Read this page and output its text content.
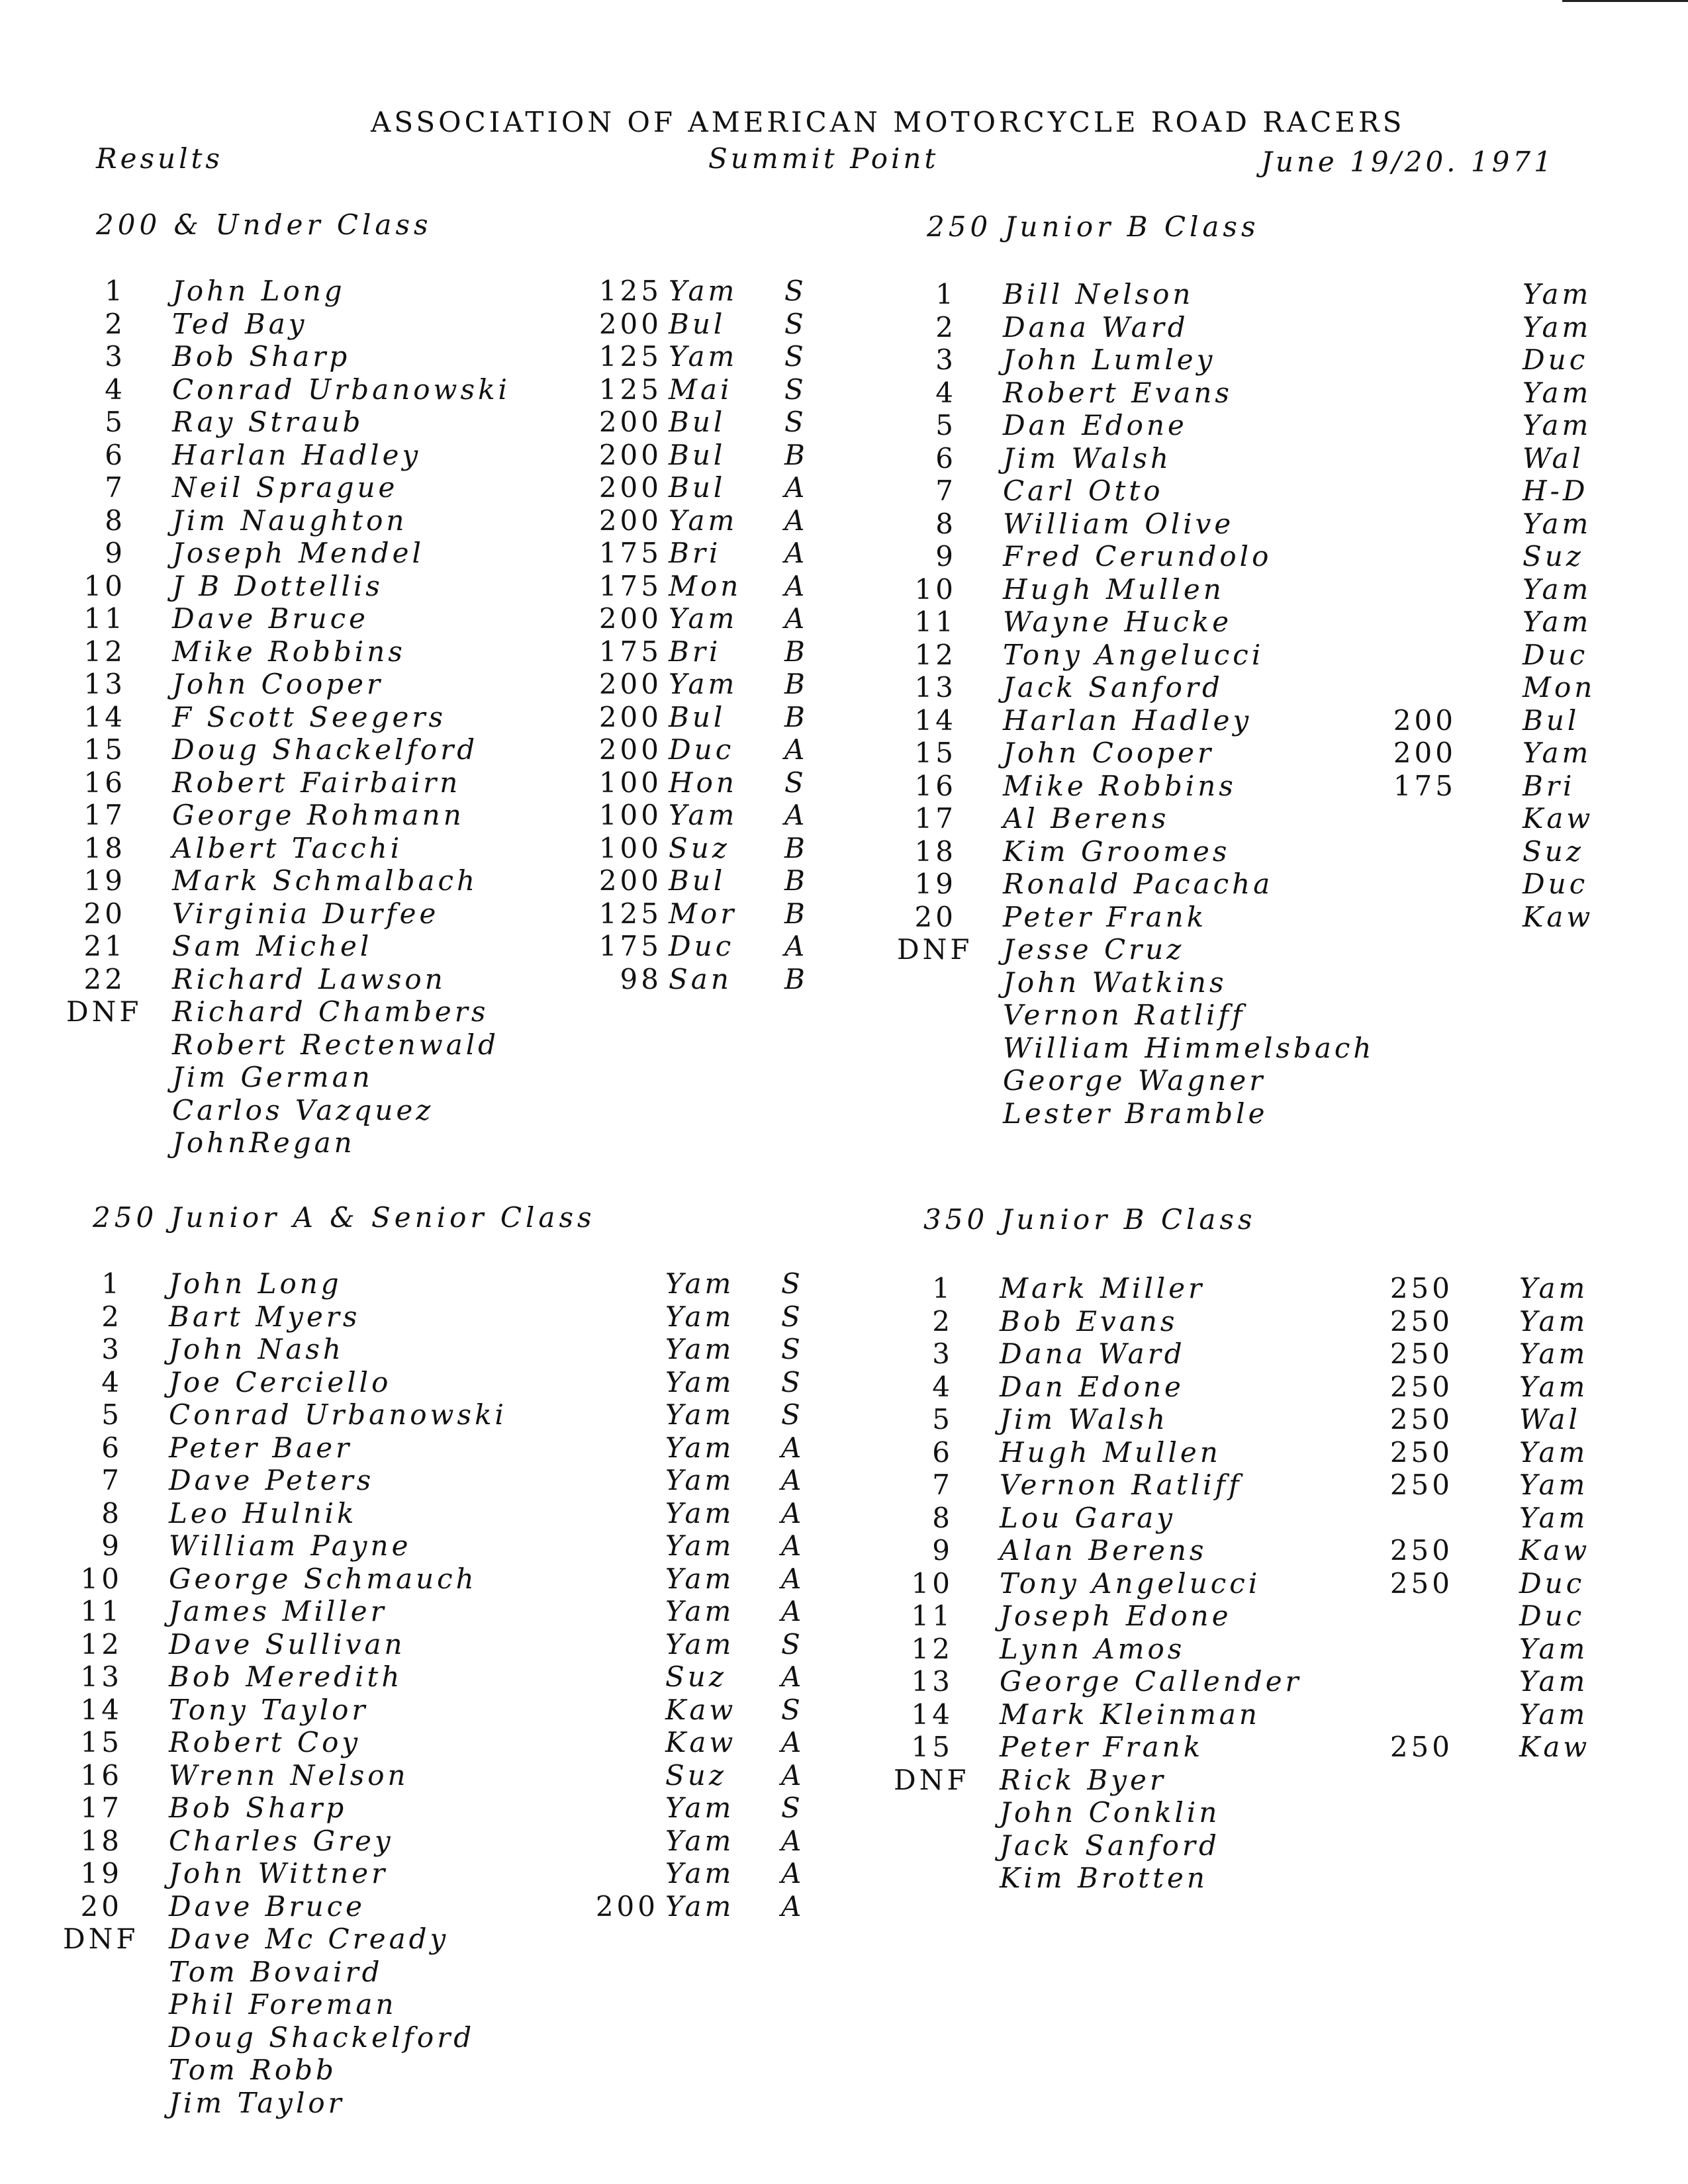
ASSOCIATION OF AMERICAN MOTORCYCLE ROAD RACERS
Results	Summit Point	June 19/20. 1971
200 & Under Class
1 John Long	125 Yam S
2 Ted Bay	200 Bul S
3 Bob Sharp	125 Yam S
4 Conrad Urbanowski	125 Mai S
5 Ray Straub	200 Bul S
6 Harlan Hadley	200 Bul B
7 Neil Sprague	200 Bul A
8 Jim Naughton	200 Yam A
9 Joseph Mendel	175 Bri A
10 J B Dottellis	175 Mon A
11 Dave Bruce	200 Yam A
12 Mike Robbins	175 Bri B
13 John Cooper	200 Yam B
14 F Scott Seegers	200 Bul B
15 Doug Shackelford	200 Duc A
16 Robert Fairbairn	100 Hon S
17 George Rohmann	100 Yam A
18 Albert Tacchi	100 Suz B
19 Mark Schmalbach	200 Bul B
20 Virginia Durfee	125 Mor B
21 Sam Michel	175 Duc A
22 Richard Lawson	98 San B
DNF Richard Chambers
Robert Rectenwald
Jim German
Carlos Vazquez
JohnRegan
250 Junior B Class
1 Bill Nelson	Yam
2 Dana Ward	Yam
3 John Lumley	Duc
4 Robert Evans	Yam
5 Dan Edone	Yam
6 Jim Walsh	Wal
7 Carl Otto	H-D
8 William Olive	Yam
9 Fred Cerundolo	Suz
10 Hugh Mullen	Yam
11 Wayne Hucke	Yam
12 Tony Angelucci	Duc
13 Jack Sanford	Mon
14 Harlan Hadley	200 Bul
15 John Cooper	200 Yam
16 Mike Robbins	175 Bri
17 Al Berens	Kaw
18 Kim Groomes	Suz
19 Ronald Pacacha	Duc
20 Peter Frank	Kaw
DNF Jesse Cruz
John Watkins
Vernon Ratliff
William Himmelsbach
George Wagner
Lester Bramble
250 Junior A & Senior Class
1 John Long	Yam S
2 Bart Myers	Yam S
3 John Nash	Yam S
4 Joe Cerciello	Yam S
5 Conrad Urbanowski	Yam S
6 Peter Baer	Yam A
7 Dave Peters	Yam A
8 Leo Hulnik	Yam A
9 William Payne	Yam A
10 George Schmauch	Yam A
11 James Miller	Yam A
12 Dave Sullivan	Yam S
13 Bob Meredith	Suz A
14 Tony Taylor	Kaw S
15 Robert Coy	Kaw A
16 Wrenn Nelson	Suz A
17 Bob Sharp	Yam S
18 Charles Grey	Yam A
19 John Wittner	Yam A
20 Dave Bruce	200 Yam A
DNF Dave Mc Cready
Tom Bovaird
Phil Foreman
Doug Shackelford
Tom Robb
Jim Taylor
350 Junior B Class
1 Mark Miller	250 Yam
2 Bob Evans	250 Yam
3 Dana Ward	250 Yam
4 Dan Edone	250 Yam
5 Jim Walsh	250 Wal
6 Hugh Mullen	250 Yam
7 Vernon Ratliff	250 Yam
8 Lou Garay	Yam
9 Alan Berens	250 Kaw
10 Tony Angelucci	250 Duc
11 Joseph Edone	Duc
12 Lynn Amos	Yam
13 George Callender	Yam
14 Mark Kleinman	Yam
15 Peter Frank	250 Kaw
DNF Rick Byer
John Conklin
Jack Sanford
Kim Brotten
